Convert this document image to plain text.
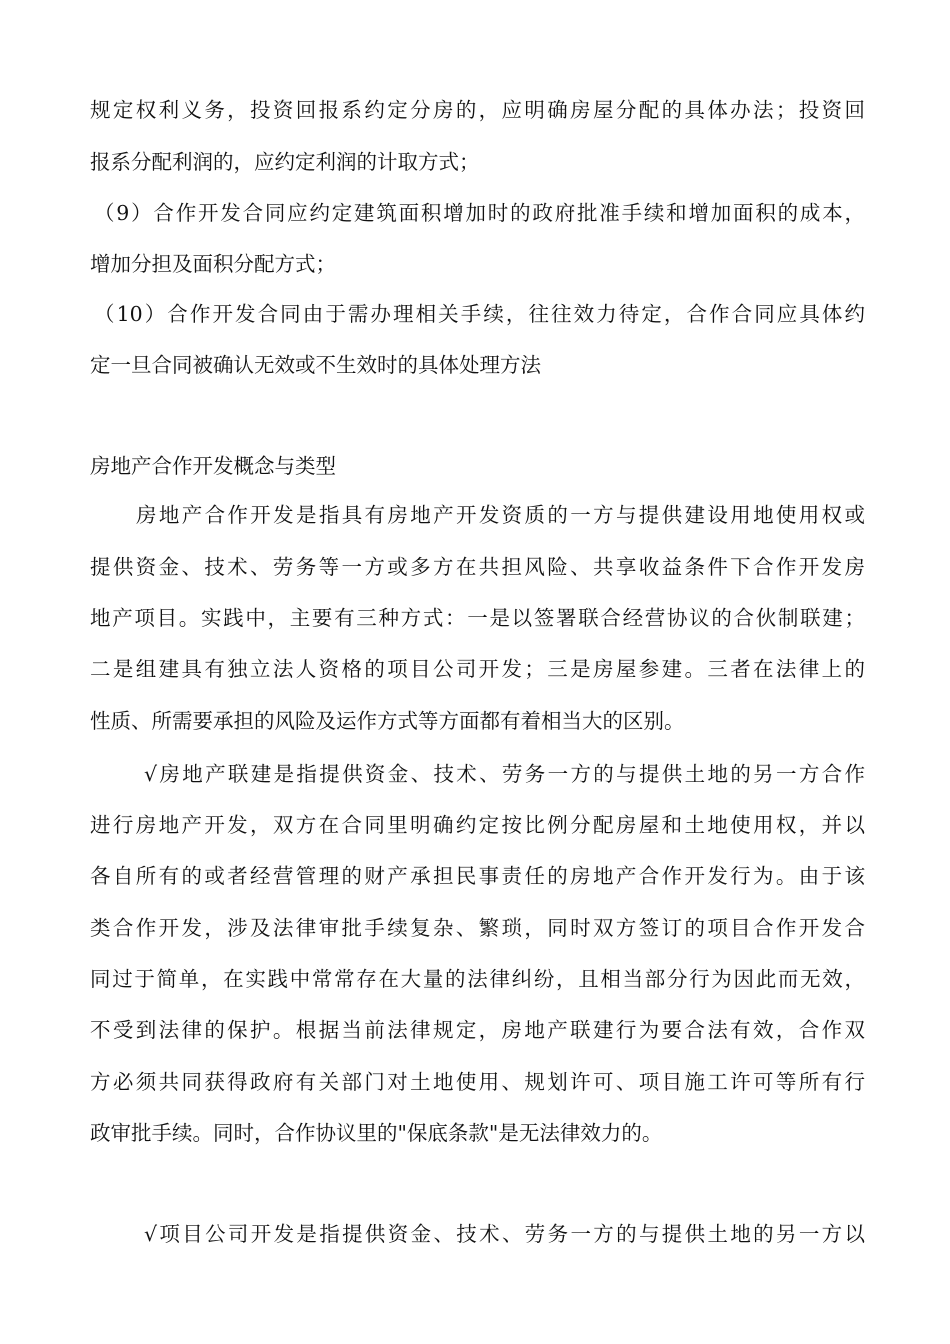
规定权利义务，投资回报系约定分房的，应明确房屋分配的具体办法；投资回
报系分配利润的，应约定利润的计取方式；
（9）合作开发合同应约定建筑面积增加时的政府批准手续和增加面积的成本，
增加分担及面积分配方式；
（10）合作开发合同由于需办理相关手续，往往效力待定，合作合同应具体约
定一旦合同被确认无效或不生效时的具体处理方法
房地产合作开发概念与类型
房地产合作开发是指具有房地产开发资质的一方与提供建设用地使用权或
提供资金、技术、劳务等一方或多方在共担风险、共享收益条件下合作开发房
地产项目。实践中，主要有三种方式：一是以签署联合经营协议的合伙制联建；
二是组建具有独立法人资格的项目公司开发；三是房屋参建。三者在法律上的
性质、所需要承担的风险及运作方式等方面都有着相当大的区别。
√房地产联建是指提供资金、技术、劳务一方的与提供土地的另一方合作
进行房地产开发，双方在合同里明确约定按比例分配房屋和土地使用权，并以
各自所有的或者经营管理的财产承担民事责任的房地产合作开发行为。由于该
类合作开发，涉及法律审批手续复杂、繁琐，同时双方签订的项目合作开发合
同过于简单，在实践中常常存在大量的法律纠纷，且相当部分行为因此而无效，
不受到法律的保护。根据当前法律规定，房地产联建行为要合法有效，合作双
方必须共同获得政府有关部门对土地使用、规划许可、项目施工许可等所有行
政审批手续。同时，合作协议里的"保底条款"是无法律效力的。
√项目公司开发是指提供资金、技术、劳务一方的与提供土地的另一方以
